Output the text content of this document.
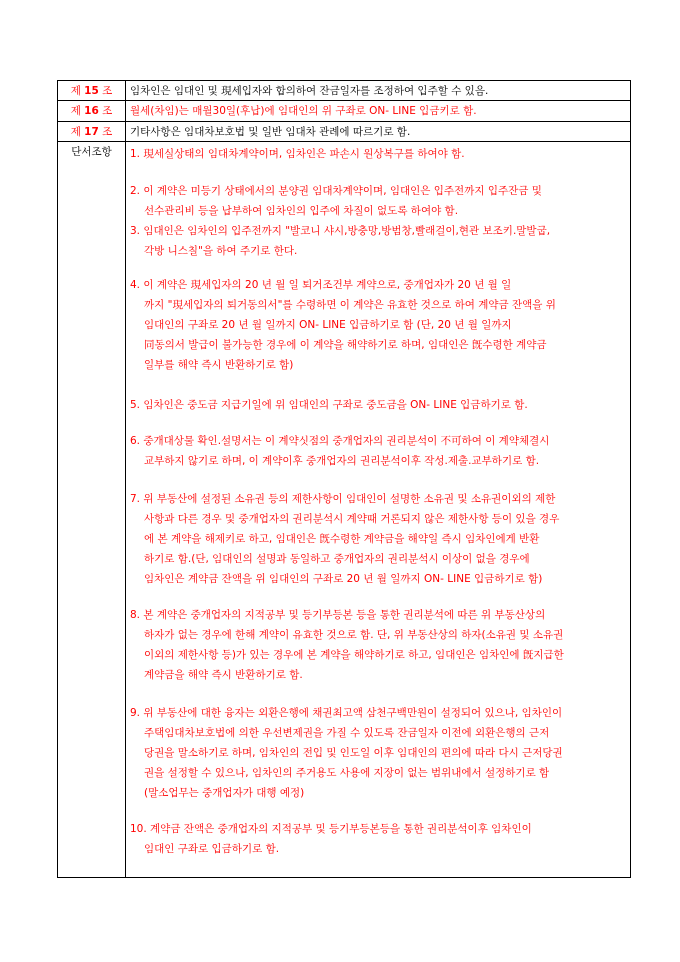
제 15 조	임차인은 임대인 및 現세입자와 합의하여 잔금일자를 조정하여 입주할 수 있음.
제 16 조	월세(차임)는 매월30일(후납)에 임대인의 위 구좌로 ON- LINE 입금키로 함.
제 17 조	기타사항은 임대차보호법 및 일반 임대차 관례에 따르기로 함.
단서조항	1. 現세실상태의 임대차계약이며, 임차인은 파손시 원상복구를 하여야 함.
2. 이 계약은 미등기 상태에서의 분양권 임대차계약이며, 임대인은 입주전까지 입주잔금 및
선수관리비 등을 납부하여 임차인의 입주에 차질이 없도록 하여야 함.
3. 임대인은 임차인의 입주전까지 "발코니 샤시,방충망,방범창,빨래걸이,현관 보조키.말발굽,
각방 니스칠"을 하여 주기로 한다.
4. 이 계약은 現세입자의 20 년 월 일 퇴거조건부 계약으로, 중개업자가 20 년 월 일
까지 "現세입자의 퇴거동의서"를 수령하면 이 계약은 유효한 것으로 하여 계약금 잔액을 위
임대인의 구좌로 20 년 월 일까지 ON- LINE 입금하기로 함 (단, 20 년 월 일까지
同동의서 발급이 불가능한 경우에 이 계약을 해약하기로 하며, 임대인은 旣수령한 계약금
일부를 해약 즉시 반환하기로 함)
5. 임차인은 중도금 지급기일에 위 임대인의 구좌로 중도금을 ON- LINE 입금하기로 함.
6. 중개대상물 확인.설명서는 이 계약싯점의 중개업자의 권리분석이 不可하여 이 계약체결시
교부하지 않기로 하며, 이 계약이후 중개업자의 권리분석이후 작성.제출.교부하기로 함.
7. 위 부동산에 설정된 소유권 등의 제한사항이 임대인이 설명한 소유권 및 소유권이외의 제한
사항과 다른 경우 및 중개업자의 권리분석시 계약때 거론되지 않은 제한사항 등이 있을 경우
에 본 계약을 해제키로 하고, 임대인은 旣수령한 계약금을 해약일 즉시 임차인에게 반환
하기로 함.(단, 임대인의 설명과 동일하고 중개업자의 권리분석시 이상이 없을 경우에
임차인은 계약금 잔액을 위 임대인의 구좌로 20 년 월 일까지 ON- LINE 입금하기로 함)
8. 본 계약은 중개업자의 지적공부 및 등기부등본 등을 통한 권리분석에 따른 위 부동산상의
하자가 없는 경우에 한해 계약이 유효한 것으로 함. 단, 위 부동산상의 하자(소유권 및 소유권
이외의 제한사항 등)가 있는 경우에 본 계약을 해약하기로 하고, 임대인은 임차인에 旣지급한
계약금을 해약 즉시 반환하기로 함.
9. 위 부동산에 대한 융자는 외환은행에 채권최고액 삼천구백만원이 설정되어 있으나, 임차인이
주택임대차보호법에 의한 우선변제권을 가질 수 있도록 잔금일자 이전에 외환은행의 근저
당권을 말소하기로 하며, 임차인의 전입 및 인도일 이후 임대인의 편의에 따라 다시 근저당권
권을 설정할 수 있으나, 임차인의 주거용도 사용에 지장이 없는 범위내에서 설정하기로 함
(말소업무는 중개업자가 대행 예정)
10. 계약금 잔액은 중개업자의 지적공부 및 등기부등본등을 통한 권리분석이후 임차인이
임대인 구좌로 입금하기로 함.
